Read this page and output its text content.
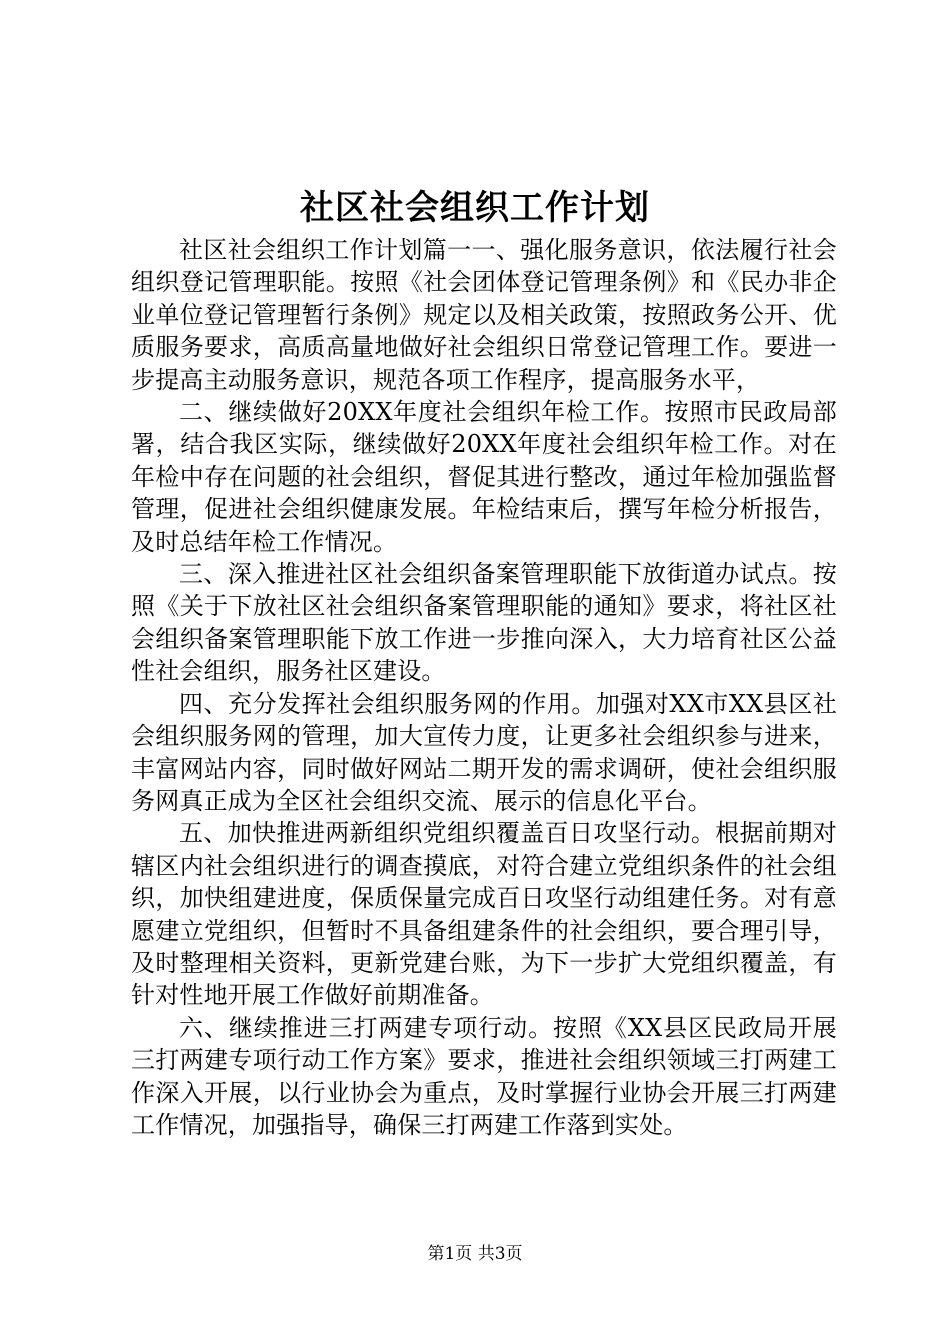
社区社会组织工作计划

社区社会组织工作计划篇一一、强化服务意识，依法履行社会组织登记管理职能。按照《社会团体登记管理条例》和《民办非企业单位登记管理暂行条例》规定以及相关政策，按照政务公开、优质服务要求，高质高量地做好社会组织日常登记管理工作。要进一步提高主动服务意识，规范各项工作程序，提高服务水平，

二、继续做好20XX年度社会组织年检工作。按照市民政局部署，结合我区实际，继续做好20XX年度社会组织年检工作。对在年检中存在问题的社会组织，督促其进行整改，通过年检加强监督管理，促进社会组织健康发展。年检结束后，撰写年检分析报告，及时总结年检工作情况。

三、深入推进社区社会组织备案管理职能下放街道办试点。按照《关于下放社区社会组织备案管理职能的通知》要求，将社区社会组织备案管理职能下放工作进一步推向深入，大力培育社区公益性社会组织，服务社区建设。

四、充分发挥社会组织服务网的作用。加强对XX市XX县区社会组织服务网的管理，加大宣传力度，让更多社会组织参与进来，丰富网站内容，同时做好网站二期开发的需求调研，使社会组织服务网真正成为全区社会组织交流、展示的信息化平台。

五、加快推进两新组织党组织覆盖百日攻坚行动。根据前期对辖区内社会组织进行的调查摸底，对符合建立党组织条件的社会组织，加快组建进度，保质保量完成百日攻坚行动组建任务。对有意愿建立党组织，但暂时不具备组建条件的社会组织，要合理引导，及时整理相关资料，更新党建台账，为下一步扩大党组织覆盖，有针对性地开展工作做好前期准备。

六、继续推进三打两建专项行动。按照《XX县区民政局开展三打两建专项行动工作方案》要求，推进社会组织领域三打两建工作深入开展，以行业协会为重点，及时掌握行业协会开展三打两建工作情况，加强指导，确保三打两建工作落到实处。

第1页 共3页
